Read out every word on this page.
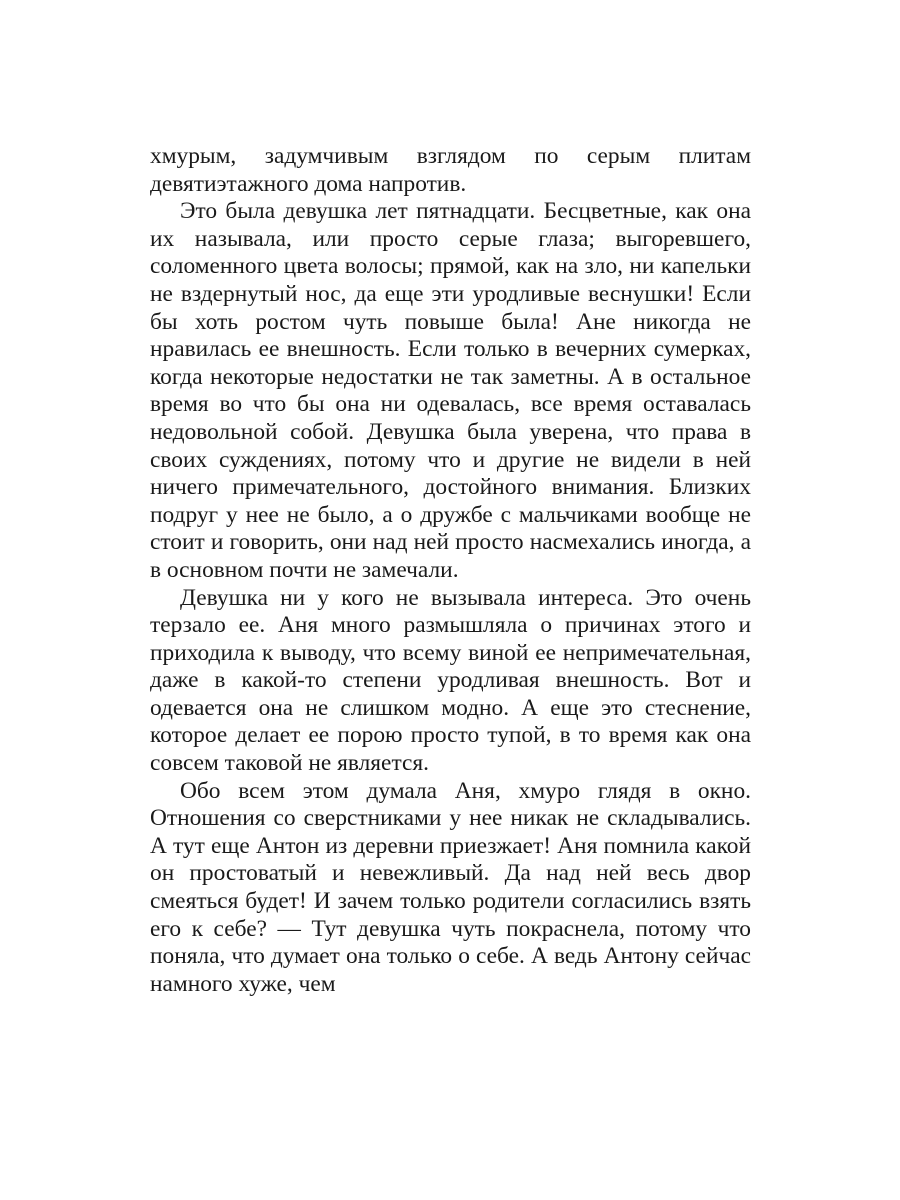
хмурым, задумчивым взглядом по серым плитам девятиэтажного дома напротив.

Это была девушка лет пятнадцати. Бесцветные, как она их называла, или просто серые глаза; выгоревшего, соломенного цвета волосы; прямой, как на зло, ни капельки не вздернутый нос, да еще эти уродливые веснушки! Если бы хоть ростом чуть повыше была! Ане никогда не нравилась ее внешность. Если только в вечерних сумерках, когда некоторые недостатки не так заметны. А в остальное время во что бы она ни одевалась, все время оставалась недовольной собой. Девушка была уверена, что права в своих суждениях, потому что и другие не видели в ней ничего примечательного, достойного внимания. Близких подруг у нее не было, а о дружбе с мальчиками вообще не стоит и говорить, они над ней просто насмехались иногда, а в основном почти не замечали.

Девушка ни у кого не вызывала интереса. Это очень терзало ее. Аня много размышляла о причинах этого и приходила к выводу, что всему виной ее непримечательная, даже в какой-то степени уродливая внешность. Вот и одевается она не слишком модно. А еще это стеснение, которое делает ее порою просто тупой, в то время как она совсем таковой не является.

Обо всем этом думала Аня, хмуро глядя в окно. Отношения со сверстниками у нее никак не складывались. А тут еще Антон из деревни приезжает! Аня помнила какой он простоватый и невежливый. Да над ней весь двор смеяться будет! И зачем только родители согласились взять его к себе? — Тут девушка чуть покраснела, потому что поняла, что думает она только о себе. А ведь Антону сейчас намного хуже, чем
